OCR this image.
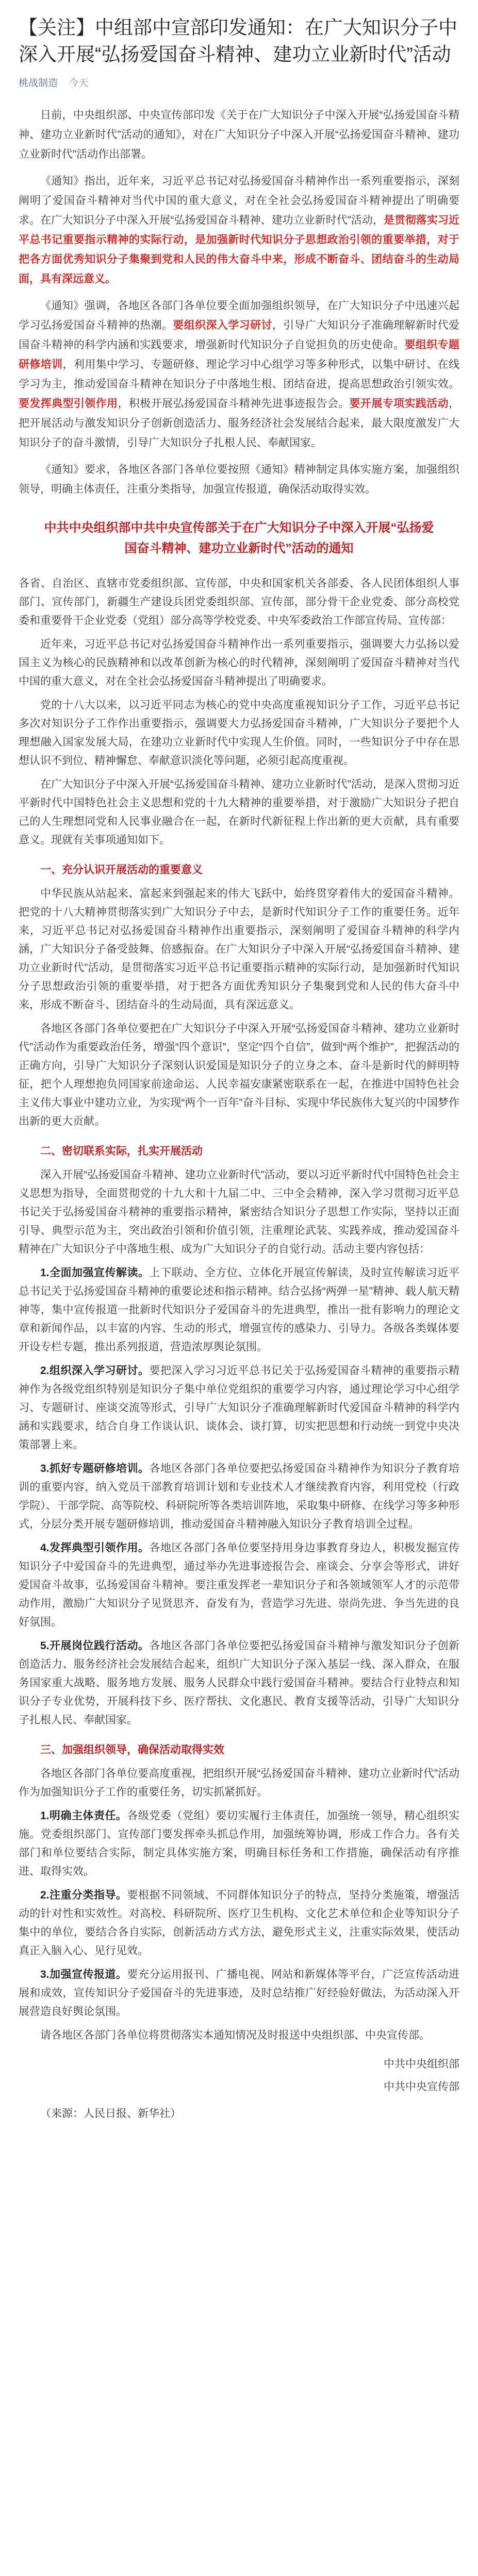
【关注】中组部中宣部印发通知：在广大知识分子中深入开展“弘扬爱国奋斗精神、建功立业新时代”活动
桃战制造 今天

日前，中央组织部、中央宣传部印发《关于在广大知识分子中深入开展“弘扬爱国奋斗精神、建功立业新时代”活动的通知》，对在广大知识分子中深入开展“弘扬爱国奋斗精神、建功立业新时代”活动作出部署。

《通知》指出，近年来，习近平总书记对弘扬爱国奋斗精神作出一系列重要指示，深刻阐明了爱国奋斗精神对当代中国的重大意义，对在全社会弘扬爱国奋斗精神提出了明确要求。在广大知识分子中深入开展“弘扬爱国奋斗精神、建功立业新时代”活动，是贯彻落实习近平总书记重要指示精神的实际行动，是加强新时代知识分子思想政治引领的重要举措，对于把各方面优秀知识分子集聚到党和人民的伟大奋斗中来，形成不断奋斗、团结奋斗的生动局面，具有深远意义。

《通知》强调，各地区各部门各单位要全面加强组织领导，在广大知识分子中迅速兴起学习弘扬爱国奋斗精神的热潮。要组织深入学习研讨，引导广大知识分子准确理解新时代爱国奋斗精神的科学内涵和实践要求，增强新时代知识分子自觉担负的历史使命。要组织专题研修培训，利用集中学习、专题研修、理论学习中心组学习等多种形式，以集中研讨、在线学习为主，推动爱国奋斗精神在知识分子中落地生根、团结奋进，提高思想政治引领实效。要发挥典型引领作用，积极开展弘扬爱国奋斗精神先进事迹报告会。要开展专项实践活动，把开展活动与激发知识分子创新创造活力、服务经济社会发展结合起来，最大限度激发广大知识分子的奋斗激情，引导广大知识分子扎根人民、奉献国家。

《通知》要求，各地区各部门各单位要按照《通知》精神制定具体实施方案，加强组织领导，明确主体责任，注重分类指导，加强宣传报道，确保活动取得实效。

中共中央组织部中共中央宣传部关于在广大知识分子中深入开展“弘扬爱国奋斗精神、建功立业新时代”活动的通知

各省、自治区、直辖市党委组织部、宣传部，中央和国家机关各部委、各人民团体组织人事部门、宣传部门，新疆生产建设兵团党委组织部、宣传部，部分骨干企业党委、部分高校党委和重要骨干企业党委（党组）部分高等学校党委、中央军委政治工作部宣传局、宣传部：

近年来，习近平总书记对弘扬爱国奋斗精神作出一系列重要指示，强调要大力弘扬以爱国主义为核心的民族精神和以改革创新为核心的时代精神，深刻阐明了爱国奋斗精神对当代中国的重大意义，对在全社会弘扬爱国奋斗精神提出了明确要求。

党的十八大以来，以习近平同志为核心的党中央高度重视知识分子工作，习近平总书记多次对知识分子工作作出重要指示，强调要大力弘扬爱国奋斗精神，广大知识分子要把个人理想融入国家发展大局，在建功立业新时代中实现人生价值。同时，一些知识分子中存在思想认识不到位、精神懈怠、奉献意识淡化等问题，必须引起高度重视。

在广大知识分子中深入开展“弘扬爱国奋斗精神、建功立业新时代”活动，是深入贯彻习近平新时代中国特色社会主义思想和党的十九大精神的重要举措，对于激励广大知识分子把自己的人生理想同党和人民事业融合在一起，在新时代新征程上作出新的更大贡献，具有重要意义。现就有关事项通知如下。

一、充分认识开展活动的重要意义

中华民族从站起来、富起来到强起来的伟大飞跃中，始终贯穿着伟大的爱国奋斗精神。把党的十八大精神贯彻落实到广大知识分子中去，是新时代知识分子工作的重要任务。近年来，习近平总书记对弘扬爱国奋斗精神作出重要指示，深刻阐明了爱国奋斗精神的科学内涵，广大知识分子备受鼓舞、倍感振奋。在广大知识分子中深入开展“弘扬爱国奋斗精神、建功立业新时代”活动，是贯彻落实习近平总书记重要指示精神的实际行动，是加强新时代知识分子思想政治引领的重要举措，对于把各方面优秀知识分子集聚到党和人民的伟大奋斗中来，形成不断奋斗、团结奋斗的生动局面，具有深远意义。

各地区各部门各单位要把在广大知识分子中深入开展“弘扬爱国奋斗精神、建功立业新时代”活动作为重要政治任务，增强“四个意识”，坚定“四个自信”，做到“两个维护”，把握活动的正确方向，引导广大知识分子深刻认识爱国是知识分子的立身之本、奋斗是新时代的鲜明特征，把个人理想抱负同国家前途命运、人民幸福安康紧密联系在一起，在推进中国特色社会主义伟大事业中建功立业，为实现“两个一百年”奋斗目标、实现中华民族伟大复兴的中国梦作出新的更大贡献。

二、密切联系实际，扎实开展活动

深入开展“弘扬爱国奋斗精神、建功立业新时代”活动，要以习近平新时代中国特色社会主义思想为指导，全面贯彻党的十九大和十九届二中、三中全会精神，深入学习贯彻习近平总书记关于弘扬爱国奋斗精神的重要指示精神，紧密结合知识分子思想工作实际，坚持以正面引导、典型示范为主，突出政治引领和价值引领，注重理论武装、实践养成，推动爱国奋斗精神在广大知识分子中落地生根、成为广大知识分子的自觉行动。活动主要内容包括：

1.全面加强宣传解读。上下联动、全方位、立体化开展宣传解读，及时宣传解读习近平总书记关于弘扬爱国奋斗精神的重要论述和指示精神。结合弘扬“两弹一星”精神、载人航天精神等，集中宣传报道一批新时代知识分子爱国奋斗的先进典型，推出一批有影响力的理论文章和新闻作品，以丰富的内容、生动的形式，增强宣传的感染力、引导力。各级各类媒体要开设专栏专题，推出系列报道，营造浓厚舆论氛围。

2.组织深入学习研讨。要把深入学习习近平总书记关于弘扬爱国奋斗精神的重要指示精神作为各级党组织特别是知识分子集中单位党组织的重要学习内容，通过理论学习中心组学习、专题研讨、座谈交流等形式，引导广大知识分子准确理解新时代爱国奋斗精神的科学内涵和实践要求，结合自身工作谈认识、谈体会、谈打算，切实把思想和行动统一到党中央决策部署上来。

3.抓好专题研修培训。各地区各部门各单位要把弘扬爱国奋斗精神作为知识分子教育培训的重要内容，纳入党员干部教育培训计划和专业技术人才继续教育内容，利用党校（行政学院）、干部学院、高等院校、科研院所等各类培训阵地，采取集中研修、在线学习等多种形式，分层分类开展专题研修培训，推动爱国奋斗精神融入知识分子教育培训全过程。

4.发挥典型引领作用。各地区各部门各单位要坚持用身边事教育身边人，积极发掘宣传知识分子中爱国奋斗的先进典型，通过举办先进事迹报告会、座谈会、分享会等形式，讲好爱国奋斗故事，弘扬爱国奋斗精神。要注重发挥老一辈知识分子和各领域领军人才的示范带动作用，激励广大知识分子见贤思齐、奋发有为，营造学习先进、崇尚先进、争当先进的良好氛围。

5.开展岗位践行活动。各地区各部门各单位要把弘扬爱国奋斗精神与激发知识分子创新创造活力、服务经济社会发展结合起来，组织广大知识分子深入基层一线、深入群众，在服务国家重大战略、服务地方发展、服务人民群众中践行爱国奋斗精神。要结合行业特点和知识分子专业优势，开展科技下乡、医疗帮扶、文化惠民、教育支援等活动，引导广大知识分子扎根人民、奉献国家。

三、加强组织领导，确保活动取得实效

各地区各部门各单位要高度重视，把组织开展“弘扬爱国奋斗精神、建功立业新时代”活动作为加强知识分子工作的重要任务，切实抓紧抓好。

1.明确主体责任。各级党委（党组）要切实履行主体责任，加强统一领导，精心组织实施。党委组织部门、宣传部门要发挥牵头抓总作用，加强统筹协调，形成工作合力。各有关部门和单位要结合实际，制定具体实施方案，明确目标任务和工作措施，确保活动有序推进、取得实效。

2.注重分类指导。要根据不同领域、不同群体知识分子的特点，坚持分类施策，增强活动的针对性和实效性。对高校、科研院所、医疗卫生机构、文化艺术单位和企业等知识分子集中的单位，要结合各自实际，创新活动方式方法，避免形式主义，注重实际效果，使活动真正入脑入心、见行见效。

3.加强宣传报道。要充分运用报刊、广播电视、网站和新媒体等平台，广泛宣传活动进展和成效，宣传知识分子爱国奋斗的先进事迹，及时总结推广好经验好做法，为活动深入开展营造良好舆论氛围。

请各地区各部门各单位将贯彻落实本通知情况及时报送中央组织部、中央宣传部。

中共中央组织部
中共中央宣传部

（来源：人民日报、新华社）
